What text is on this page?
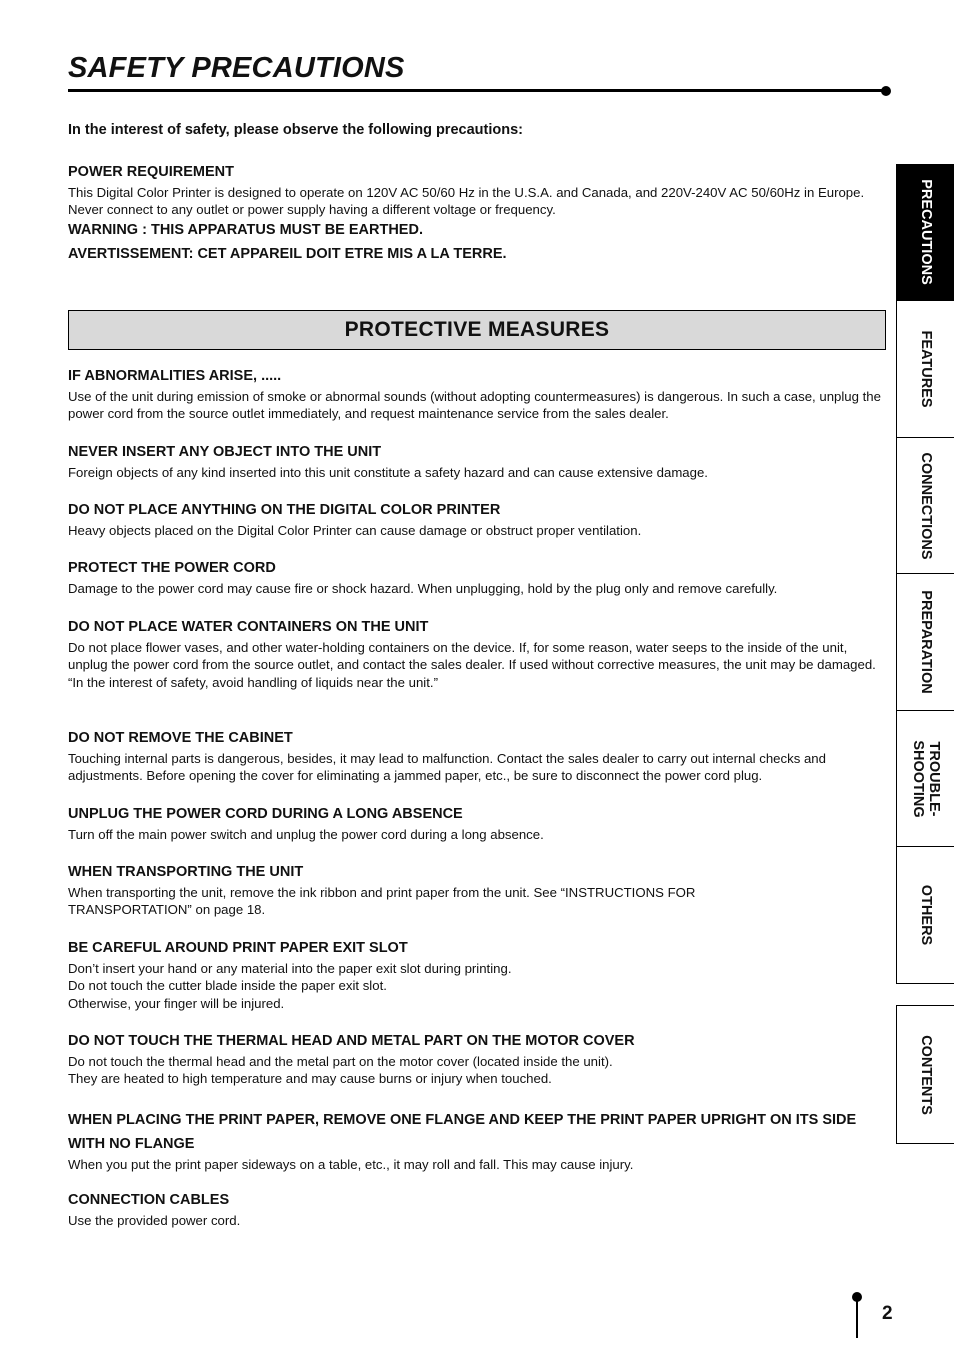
SAFETY PRECAUTIONS

In the interest of safety, please observe the following precautions:

POWER REQUIREMENT

This Digital Color Printer is designed to operate on 120V AC 50/60 Hz in the U.S.A. and Canada, and 220V-240V AC 50/60Hz in Europe. Never connect to any outlet or power supply having a different voltage or frequency.

WARNING : THIS APPARATUS MUST BE EARTHED.

AVERTISSEMENT: CET APPAREIL DOIT ETRE MIS A LA TERRE.

PROTECTIVE MEASURES

IF ABNORMALITIES ARISE, .....

Use of the unit during emission of smoke or abnormal sounds (without adopting countermeasures) is dangerous. In such a case, unplug the power cord from the source outlet immediately, and request maintenance service from the sales dealer.

NEVER INSERT ANY OBJECT INTO THE UNIT

Foreign objects of any kind inserted into this unit constitute a safety hazard and can cause extensive damage.

DO NOT PLACE ANYTHING ON THE DIGITAL COLOR PRINTER

Heavy objects placed on the Digital Color Printer can cause damage or obstruct proper ventilation.

PROTECT THE POWER CORD

Damage to the power cord may cause fire or shock hazard. When unplugging, hold by the plug only and remove carefully.

DO NOT PLACE WATER CONTAINERS ON THE UNIT

Do not place flower vases, and other water-holding containers on the device. If, for some reason, water seeps to the inside of the unit, unplug the power cord from the source outlet, and contact the sales dealer. If used without corrective measures, the unit may be damaged.

“In the interest of safety, avoid handling of liquids near the unit.”

DO NOT REMOVE THE CABINET

Touching internal parts is dangerous, besides, it may lead to malfunction. Contact the sales dealer to carry out internal checks and adjustments. Before opening the cover for eliminating a jammed paper, etc., be sure to disconnect the power cord plug.

UNPLUG THE POWER CORD DURING A LONG ABSENCE

Turn off the main power switch and unplug the power cord during a long absence.

WHEN TRANSPORTING THE UNIT

When transporting the unit, remove the ink ribbon and print paper from the unit. See “INSTRUCTIONS FOR TRANSPORTATION” on page 18.

BE CAREFUL AROUND PRINT PAPER EXIT SLOT

Don’t insert your hand or any material into the paper exit slot during printing.

Do not touch the cutter blade inside the paper exit slot.

Otherwise, your finger will be injured.

DO NOT TOUCH THE THERMAL HEAD AND METAL PART ON THE MOTOR COVER

Do not touch the thermal head and the metal part on the motor cover (located inside the unit).

They are heated to high temperature and may cause burns or injury when touched.

WHEN PLACING THE PRINT PAPER, REMOVE ONE FLANGE AND KEEP THE PRINT PAPER UPRIGHT ON ITS SIDE WITH NO FLANGE

When you put the print paper sideways on a table, etc., it may roll and fall. This may cause injury.

CONNECTION CABLES

Use the provided power cord.

PRECAUTIONS
FEATURES
CONNECTIONS
PREPARATION
TROUBLE-
SHOOTING
OTHERS
CONTENTS
2
